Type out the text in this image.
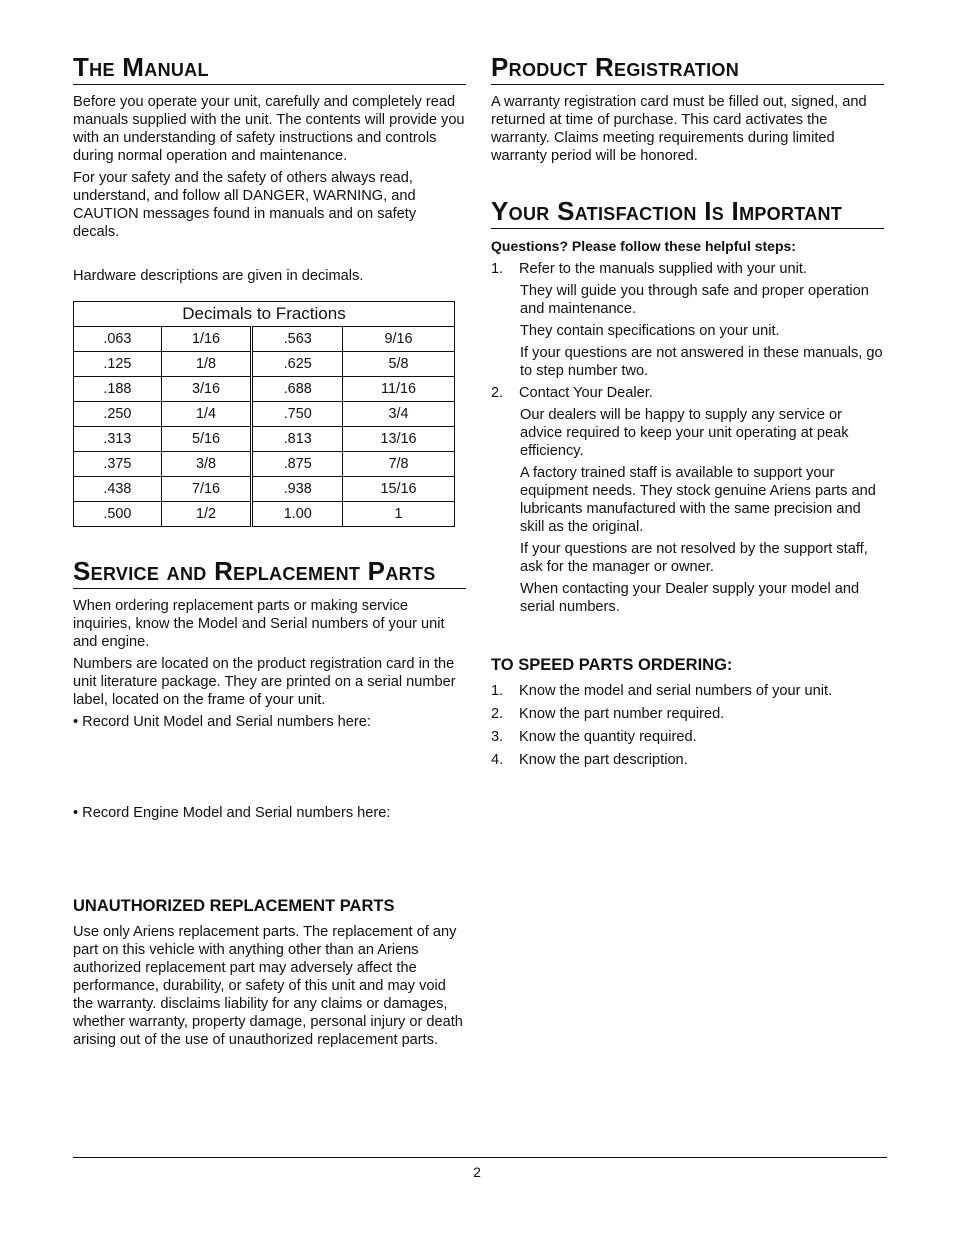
The Manual

Before you operate your unit, carefully and completely read manuals supplied with the unit. The contents will provide you with an understanding of safety instructions and controls during normal operation and maintenance.

For your safety and the safety of others always read, understand, and follow all DANGER, WARNING, and CAUTION messages found in manuals and on safety decals.

Hardware descriptions are given in decimals.

Decimals to Fractions			
.063	1/16	.563	9/16
.125	1/8	.625	5/8
.188	3/16	.688	11/16
.250	1/4	.750	3/4
.313	5/16	.813	13/16
.375	3/8	.875	7/8
.438	7/16	.938	15/16
.500	1/2	1.00	1
Service and Replacement Parts

When ordering replacement parts or making service inquiries, know the Model and Serial numbers of your unit and engine.

Numbers are located on the product registration card in the unit literature package. They are printed on a serial number label, located on the frame of your unit.

• Record Unit Model and Serial numbers here:

• Record Engine Model and Serial numbers here:

UNAUTHORIZED REPLACEMENT PARTS

Use only Ariens replacement parts. The replacement of any part on this vehicle with anything other than an Ariens authorized replacement part may adversely affect the performance, durability, or safety of this unit and may void the warranty. disclaims liability for any claims or damages, whether warranty, property damage, personal injury or death arising out of the use of unauthorized replacement parts.

Product Registration

A warranty registration card must be filled out, signed, and returned at time of purchase. This card activates the warranty. Claims meeting requirements during limited warranty period will be honored.

Your Satisfaction Is Important

Questions? Please follow these helpful steps:

1.	Refer to the manuals supplied with your unit.

They will guide you through safe and proper operation and maintenance.

They contain specifications on your unit.

If your questions are not answered in these manuals, go to step number two.

2.	Contact Your Dealer.

Our dealers will be happy to supply any service or advice required to keep your unit operating at peak efficiency.

A factory trained staff is available to support your equipment needs. They stock genuine Ariens parts and lubricants manufactured with the same precision and skill as the original.

If your questions are not resolved by the support staff, ask for the manager or owner.

When contacting your Dealer supply your model and serial numbers.

TO SPEED PARTS ORDERING:
1.	Know the model and serial numbers of your unit.
2.	Know the part number required.
3.	Know the quantity required.
4.	Know the part description.
2
